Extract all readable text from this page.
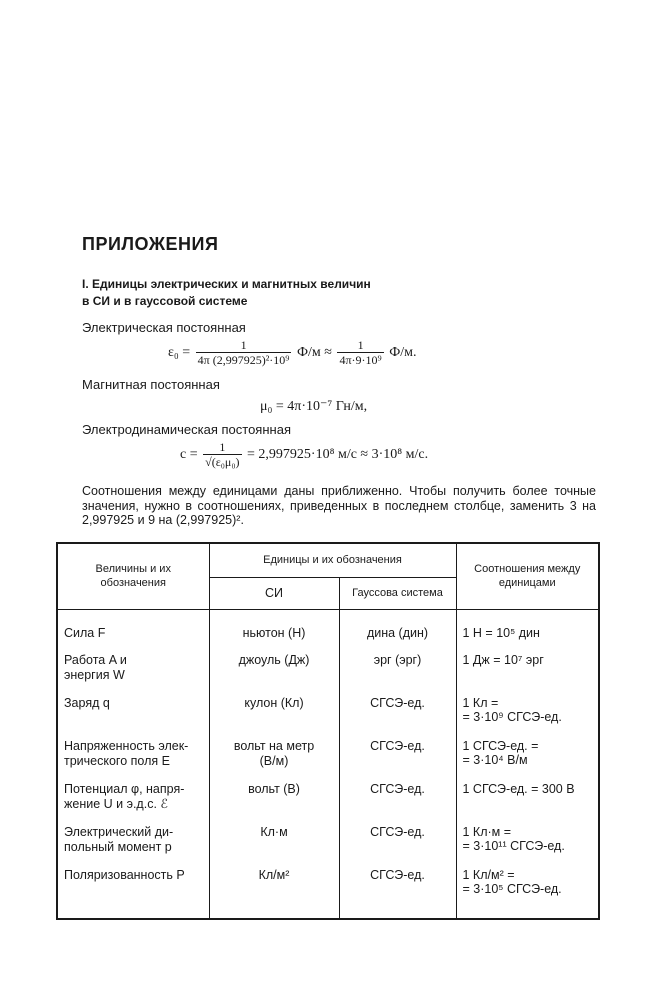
ПРИЛОЖЕНИЯ
I. Единицы электрических и магнитных величин
в СИ и в гауссовой системе
Электрическая постоянная
$\varepsilon_0 = \frac{1}{\text{4π (2,997925)²·10⁹}} Ф/м \approx \frac{1}{\text{4π·9·10⁹}} Ф/м$.
Магнитная постоянная
μ₀ = 4π·10⁻⁷ Гн/м,
Электродинамическая постоянная
$c = \frac{1}{\text{√(ε₀μ₀)}} = 2,997925\cdot 10^8$ м/с ≈ 3·10⁸ м/с.
Соотношения между единицами даны приближенно. Чтобы получить более точные значения, нужно в соотношениях, приведенных в последнем столбце, заменить 3 на 2,997925 и 9 на (2,997925)².
Величины и их обозначения	Единицы и их обозначения		Соотношения между единицами
	СИ	Гауссова система	

Сила F	ньютон (Н)	дина (дин)	1 Н = 10⁵ дин

Работа A и
энергия W	джоуль (Дж)	эрг (эрг)	1 Дж = 10⁷ эрг

Заряд q	кулон (Кл)	СГСЭ-ед.	1 Кл =
= 3·10⁹ СГСЭ-ед.

Напряженность элек-
трического поля E	вольт на метр
(В/м)	СГСЭ-ед.	1 СГСЭ-ед. =
= 3·10⁴ В/м

Потенциал φ, напря-
жение U и э.д.с. ℰ	вольт (В)	СГСЭ-ед.	1 СГСЭ-ед. = 300 В

Электрический ди-
польный момент p	Кл·м	СГСЭ-ед.	1 Кл·м =
= 3·10¹¹ СГСЭ-ед.

Поляризованность P	Кл/м²	СГСЭ-ед.	1 Кл/м² =
= 3·10⁵ СГСЭ-ед.
